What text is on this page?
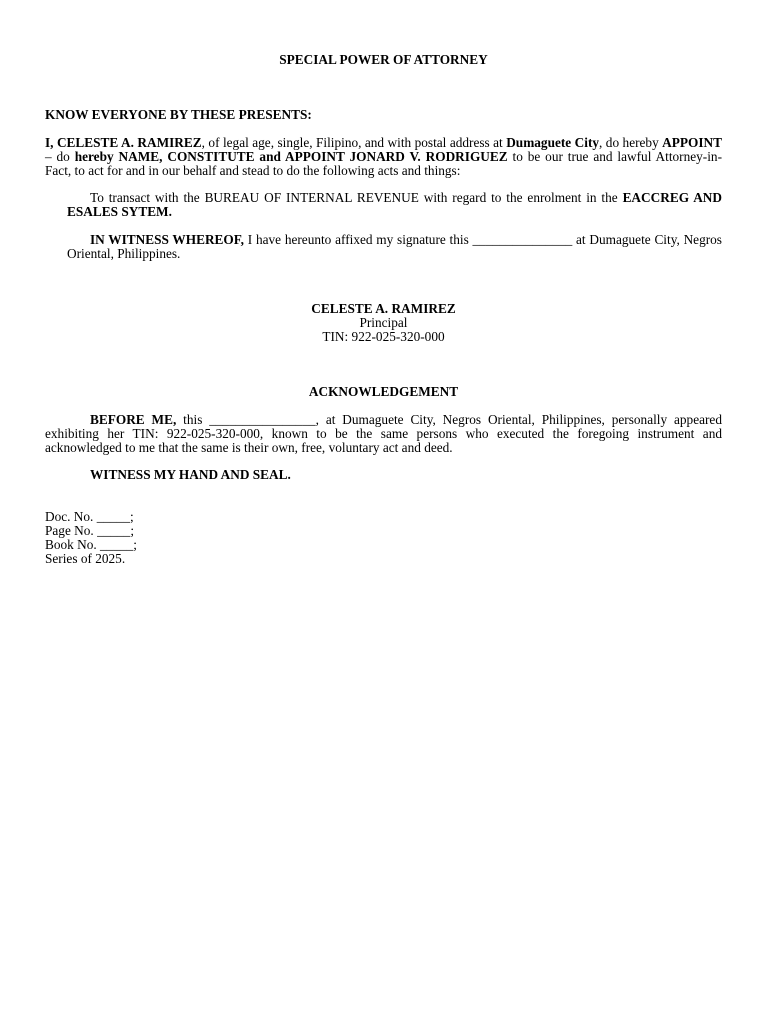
SPECIAL POWER OF ATTORNEY
KNOW EVERYONE BY THESE PRESENTS:
I, CELESTE A. RAMIREZ, of legal age, single, Filipino, and with postal address at Dumaguete City, do hereby APPOINT – do hereby NAME, CONSTITUTE and APPOINT JONARD V. RODRIGUEZ to be our true and lawful Attorney-in-Fact, to act for and in our behalf and stead to do the following acts and things:
To transact with the BUREAU OF INTERNAL REVENUE with regard to the enrolment in the EACCREG AND ESALES SYTEM.
IN WITNESS WHEREOF, I have hereunto affixed my signature this _______________ at Dumaguete City, Negros Oriental, Philippines.
CELESTE A. RAMIREZ
Principal
TIN: 922-025-320-000
ACKNOWLEDGEMENT
BEFORE ME, this ________________, at Dumaguete City, Negros Oriental, Philippines, personally appeared exhibiting her TIN: 922-025-320-000, known to be the same persons who executed the foregoing instrument and acknowledged to me that the same is their own, free, voluntary act and deed.
WITNESS MY HAND AND SEAL.
Doc. No. _____;
Page No. _____;
Book No. _____;
Series of 2025.
